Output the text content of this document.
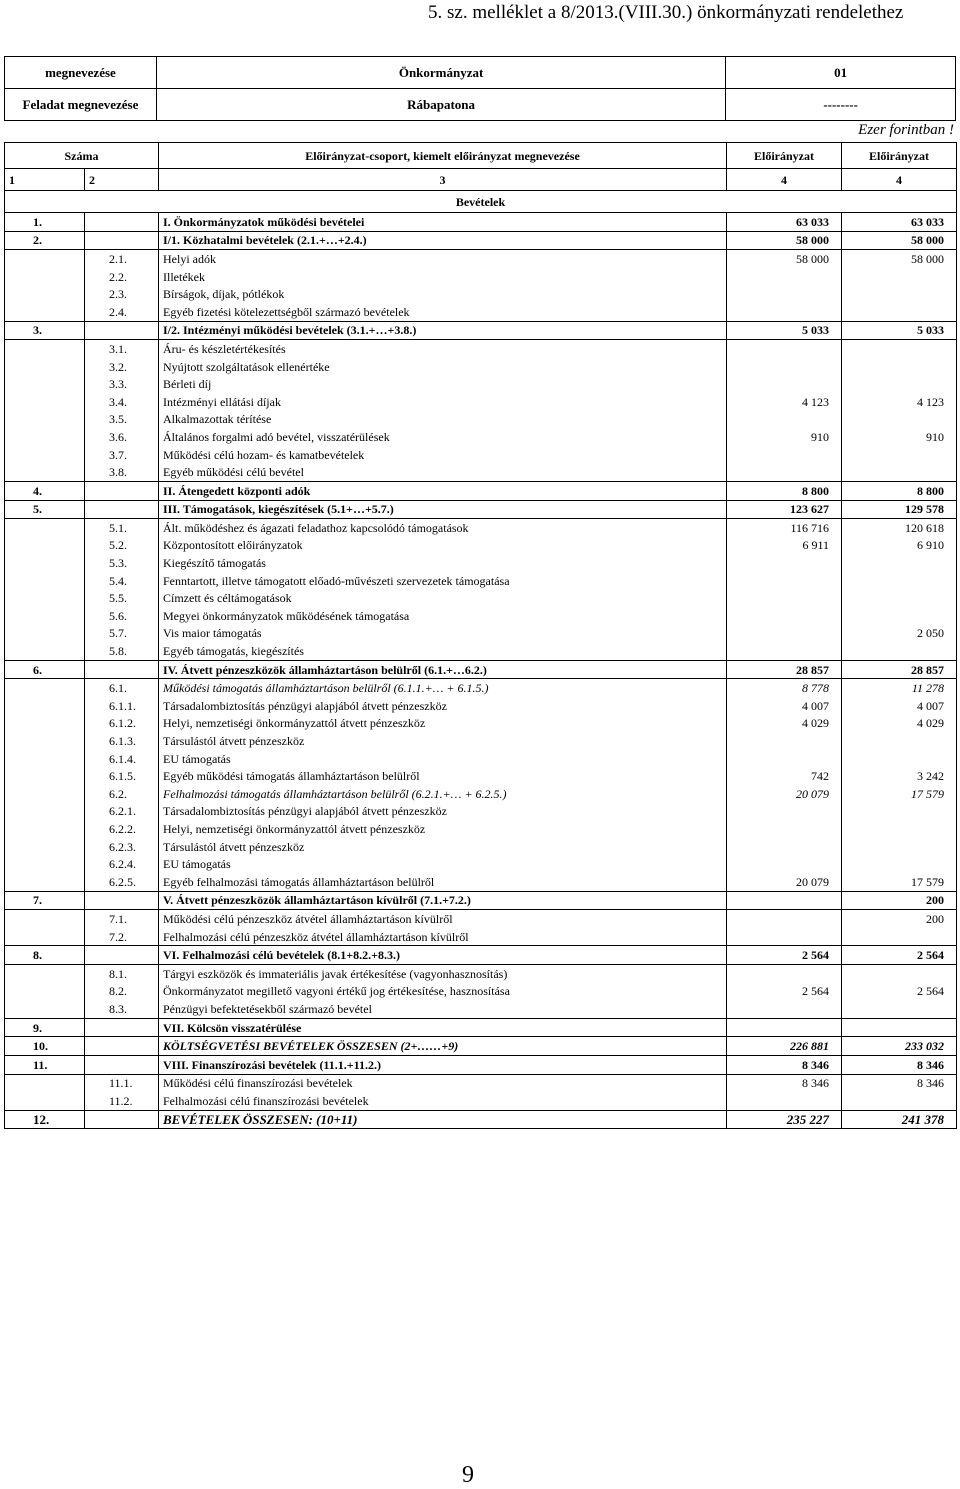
5. sz. melléklet a 8/2013.(VIII.30.) önkormányzati rendelethez
megnevezése	Önkormányzat	01
Feladat megnevezése	Rábapatona	--------
Ezer forintban !
Száma		Előirányzat-csoport, kiemelt előirányzat megnevezése	Előirányzat	Előirányzat
1	2	3	4	4
Bevételek				
1.		I. Önkormányzatok működési bevételei	63 033	63 033
2.		I/1. Közhatalmi bevételek (2.1.+…+2.4.)	58 000	58 000
	2.1.	Helyi adók	58 000	58 000
	2.2.	Illetékek		
	2.3.	Bírságok, díjak, pótlékok		
	2.4.	Egyéb fizetési kötelezettségből származó bevételek		
3.		I/2. Intézményi működési bevételek (3.1.+…+3.8.)	5 033	5 033
	3.1.	Áru- és készletértékesítés		
	3.2.	Nyújtott szolgáltatások ellenértéke		
	3.3.	Bérleti díj		
	3.4.	Intézményi ellátási díjak	4 123	4 123
	3.5.	Alkalmazottak térítése		
	3.6.	Általános forgalmi adó bevétel, visszatérülések	910	910
	3.7.	Működési célú hozam- és kamatbevételek		
	3.8.	Egyéb működési célú bevétel		
4.		II. Átengedett központi adók	8 800	8 800
5.		III. Támogatások, kiegészítések (5.1+…+5.7.)	123 627	129 578
	5.1.	Ált. működéshez és ágazati feladathoz kapcsolódó támogatások	116 716	120 618
	5.2.	Központosított előirányzatok	6 911	6 910
	5.3.	Kiegészítő támogatás		
	5.4.	Fenntartott, illetve támogatott előadó-művészeti szervezetek támogatása		
	5.5.	Címzett és céltámogatások		
	5.6.	Megyei önkormányzatok működésének támogatása		
	5.7.	Vis maior támogatás		2 050
	5.8.	Egyéb támogatás, kiegészítés		
6.		IV. Átvett pénzeszközök államháztartáson belülről (6.1.+…6.2.)	28 857	28 857
	6.1.	Működési támogatás államháztartáson belülről (6.1.1.+… + 6.1.5.)	8 778	11 278
	6.1.1.	Társadalombiztosítás pénzügyi alapjából átvett pénzeszköz	4 007	4 007
	6.1.2.	Helyi, nemzetiségi önkormányzattól átvett pénzeszköz	4 029	4 029
	6.1.3.	Társulástól átvett pénzeszköz		
	6.1.4.	EU támogatás		
	6.1.5.	Egyéb működési támogatás államháztartáson belülről	742	3 242
	6.2.	Felhalmozási támogatás államháztartáson belülről (6.2.1.+… + 6.2.5.)	20 079	17 579
	6.2.1.	Társadalombiztosítás pénzügyi alapjából átvett pénzeszköz		
	6.2.2.	Helyi, nemzetiségi önkormányzattól átvett pénzeszköz		
	6.2.3.	Társulástól átvett pénzeszköz		
	6.2.4.	EU támogatás		
	6.2.5.	Egyéb felhalmozási támogatás államháztartáson belülről	20 079	17 579
7.		V. Átvett pénzeszközök államháztartáson kívülről (7.1.+7.2.)		200
	7.1.	Működési célú pénzeszköz átvétel államháztartáson kívülről		200
	7.2.	Felhalmozási célú pénzeszköz átvétel államháztartáson kívülről		
8.		VI. Felhalmozási célú bevételek (8.1+8.2.+8.3.)	2 564	2 564
	8.1.	Tárgyi eszközök és immateriális javak értékesítése (vagyonhasznosítás)		
	8.2.	Önkormányzatot megillető vagyoni értékű jog értékesítése, hasznosítása	2 564	2 564
	8.3.	Pénzügyi befektetésekből származó bevétel		
9.		VII. Kölcsön visszatérülése		
10.		KÖLTSÉGVETÉSI BEVÉTELEK ÖSSZESEN (2+……+9)	226 881	233 032
11.		VIII. Finanszírozási bevételek (11.1.+11.2.)	8 346	8 346
	11.1.	Működési célú finanszírozási bevételek	8 346	8 346
	11.2.	Felhalmozási célú finanszírozási bevételek		
12.		BEVÉTELEK ÖSSZESEN: (10+11)	235 227	241 378
9
